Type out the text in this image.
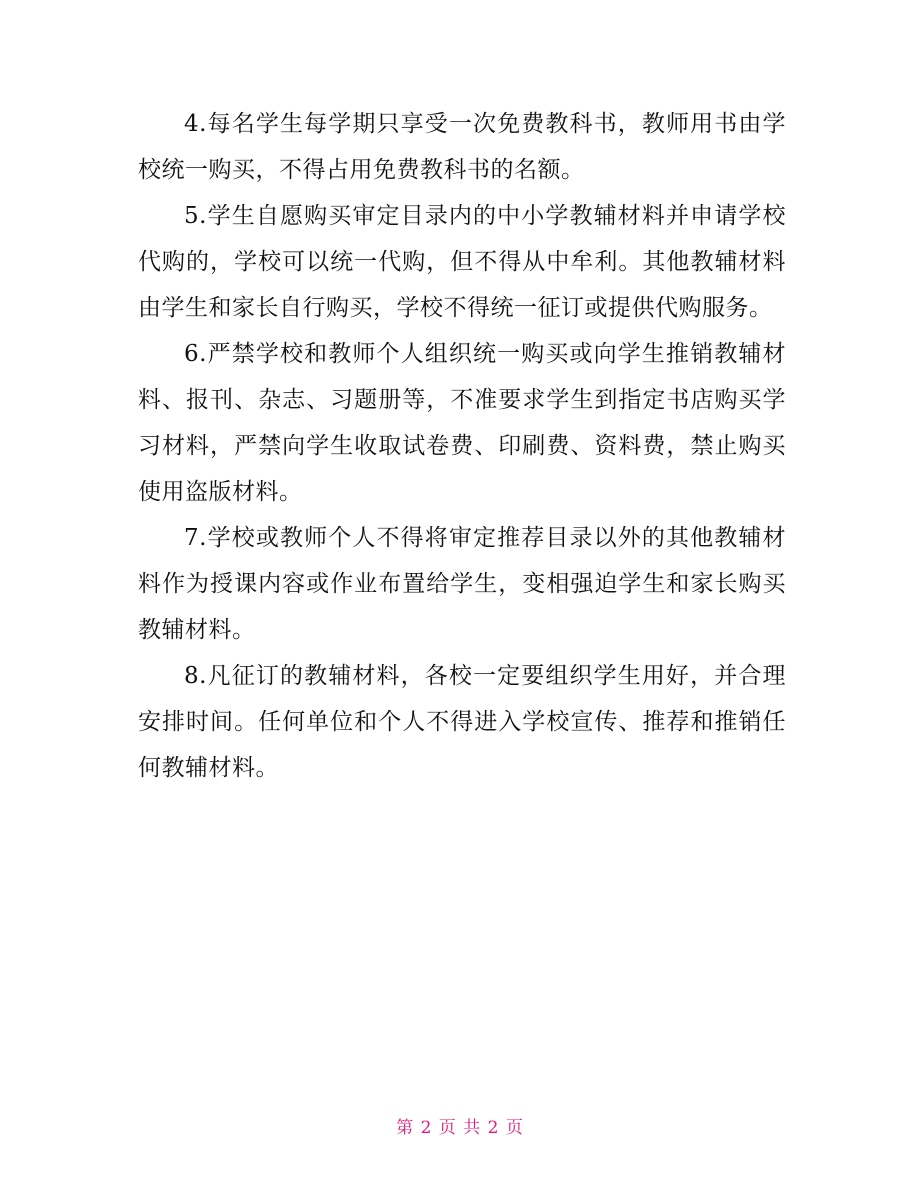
4.每名学生每学期只享受一次免费教科书，教师用书由学校统一购买，不得占用免费教科书的名额。

5.学生自愿购买审定目录内的中小学教辅材料并申请学校代购的，学校可以统一代购，但不得从中牟利。其他教辅材料由学生和家长自行购买，学校不得统一征订或提供代购服务。

6.严禁学校和教师个人组织统一购买或向学生推销教辅材料、报刊、杂志、习题册等，不准要求学生到指定书店购买学习材料，严禁向学生收取试卷费、印刷费、资料费，禁止购买使用盗版材料。

7.学校或教师个人不得将审定推荐目录以外的其他教辅材料作为授课内容或作业布置给学生，变相强迫学生和家长购买教辅材料。

8.凡征订的教辅材料，各校一定要组织学生用好，并合理安排时间。任何单位和个人不得进入学校宣传、推荐和推销任何教辅材料。

第 2 页 共 2 页
